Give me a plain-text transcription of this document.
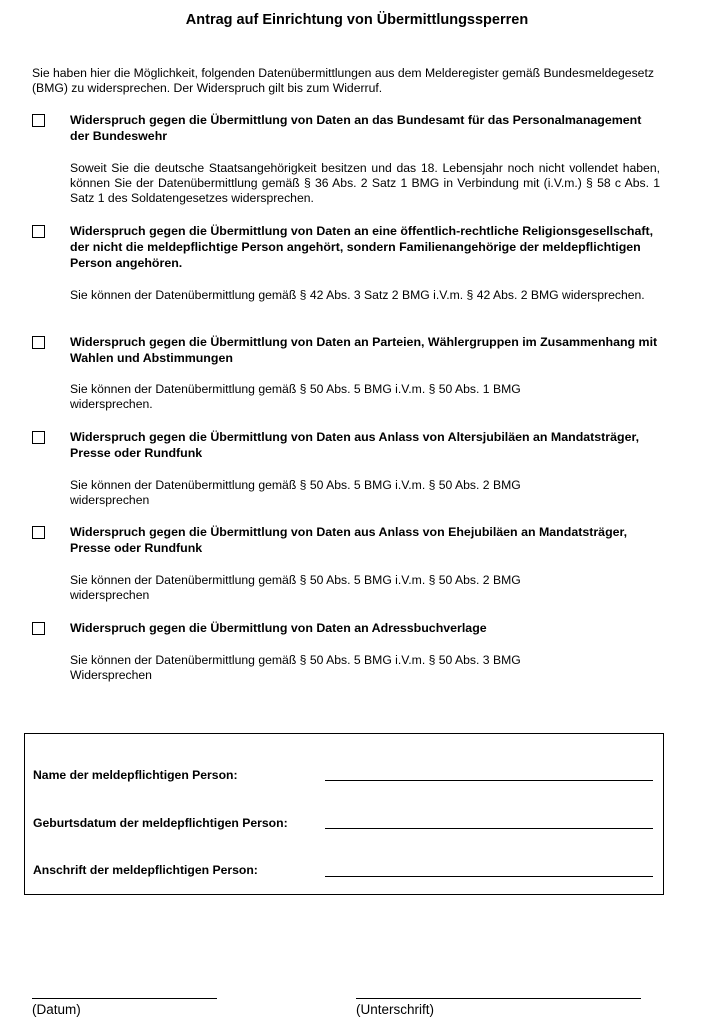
Antrag auf Einrichtung von Übermittlungssperren
Sie haben hier die Möglichkeit, folgenden Datenübermittlungen aus dem Melderegister gemäß Bundesmeldegesetz (BMG) zu widersprechen. Der Widerspruch gilt bis zum Widerruf.
Widerspruch gegen die Übermittlung von Daten an das Bundesamt für das Personalmanagement der Bundeswehr
Soweit Sie die deutsche Staatsangehörigkeit besitzen und das 18. Lebensjahr noch nicht vollendet haben, können Sie der Datenübermittlung gemäß § 36 Abs. 2 Satz 1 BMG in Verbindung mit (i.V.m.) § 58 c Abs. 1 Satz 1 des Soldatengesetzes widersprechen.
Widerspruch gegen die Übermittlung von Daten an eine öffentlich-rechtliche Religionsgesellschaft, der nicht die meldepflichtige Person angehört, sondern Familienangehörige der meldepflichtigen Person angehören.
Sie können der Datenübermittlung gemäß § 42 Abs. 3 Satz 2 BMG i.V.m. § 42 Abs. 2 BMG widersprechen.
Widerspruch gegen die Übermittlung von Daten an Parteien, Wählergruppen im Zusammenhang mit Wahlen und Abstimmungen
Sie können der Datenübermittlung gemäß § 50 Abs. 5 BMG i.V.m. § 50 Abs. 1 BMG widersprechen.
Widerspruch gegen die Übermittlung von Daten aus Anlass von Altersjubiläen an Mandatsträger, Presse oder Rundfunk
Sie können der Datenübermittlung gemäß § 50 Abs. 5 BMG i.V.m. § 50 Abs. 2 BMG widersprechen
Widerspruch gegen die Übermittlung von Daten aus Anlass von Ehejubiläen an Mandatsträger, Presse oder Rundfunk
Sie können der Datenübermittlung gemäß § 50 Abs. 5 BMG i.V.m. § 50 Abs. 2 BMG widersprechen
Widerspruch gegen die Übermittlung von Daten an Adressbuchverlage
Sie können der Datenübermittlung gemäß § 50 Abs. 5 BMG i.V.m. § 50 Abs. 3 BMG Widersprechen
Name der meldepflichtigen Person:
Geburtsdatum der meldepflichtigen Person:
Anschrift der meldepflichtigen Person:
(Datum)	(Unterschrift)
